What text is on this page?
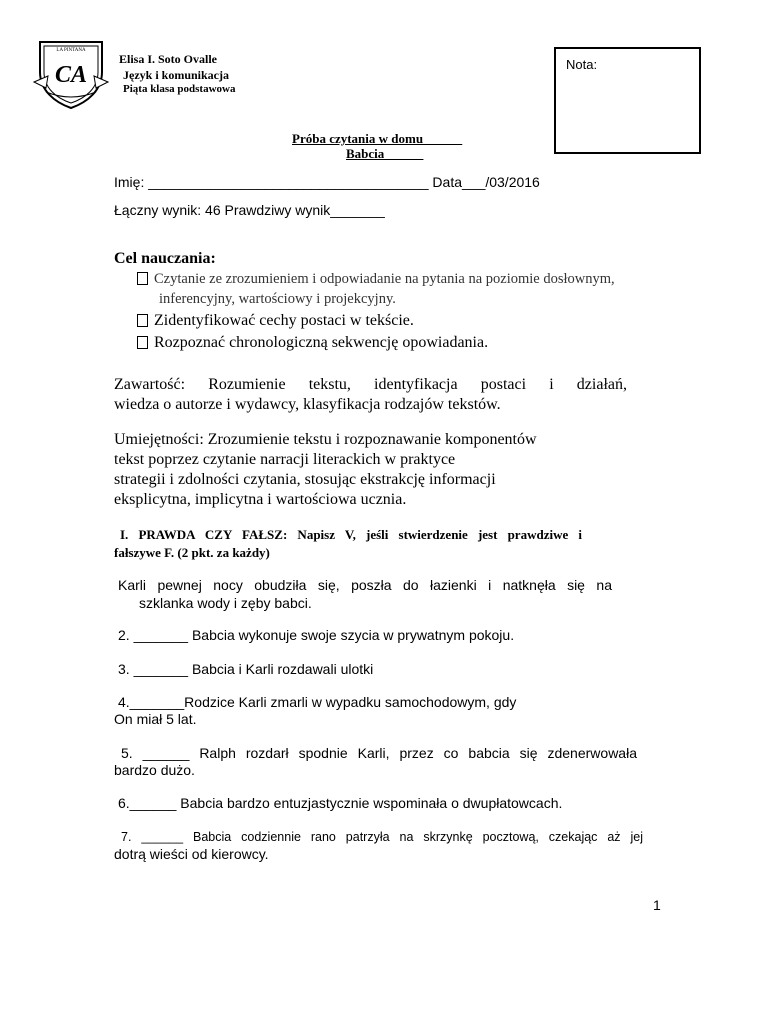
LA PINTANA
CA
Elisa I. Soto Ovalle
Język i komunikacja
Piąta klasa podstawowa
Nota:
Próba czytania w domu______
Babcia______
Imię: ____________________________________ Data___/03/2016
Łączny wynik: 46 Prawdziwy wynik_______
Cel nauczania:
Czytanie ze zrozumieniem i odpowiadanie na pytania na poziomie dosłownym,
inferencyjny, wartościowy i projekcyjny.
Zidentyfikować cechy postaci w tekście.
Rozpoznać chronologiczną sekwencję opowiadania.
Zawartość: Rozumienie tekstu, identyfikacja postaci i działań,
wiedza o autorze i wydawcy, klasyfikacja rodzajów tekstów.
Umiejętności: Zrozumienie tekstu i rozpoznawanie komponentów
tekst poprzez czytanie narracji literackich w praktyce
strategii i zdolności czytania, stosując ekstrakcję informacji
eksplicytna, implicytna i wartościowa ucznia.
I. PRAWDA CZY FAŁSZ: Napisz V, jeśli stwierdzenie jest prawdziwe i
fałszywe F. (2 pkt. za każdy)
Karli pewnej nocy obudziła się, poszła do łazienki i natknęła się na
szklanka wody i zęby babci.
2. _______ Babcia wykonuje swoje szycia w prywatnym pokoju.
3. _______ Babcia i Karli rozdawali ulotki
4._______Rodzice Karli zmarli w wypadku samochodowym, gdy
On miał 5 lat.
5. ______ Ralph rozdarł spodnie Karli, przez co babcia się zdenerwowała
bardzo dużo.
6.______ Babcia bardzo entuzjastycznie wspominała o dwupłatowcach.
7. ______ Babcia codziennie rano patrzyła na skrzynkę pocztową, czekając aż jej
dotrą wieści od kierowcy.
1
